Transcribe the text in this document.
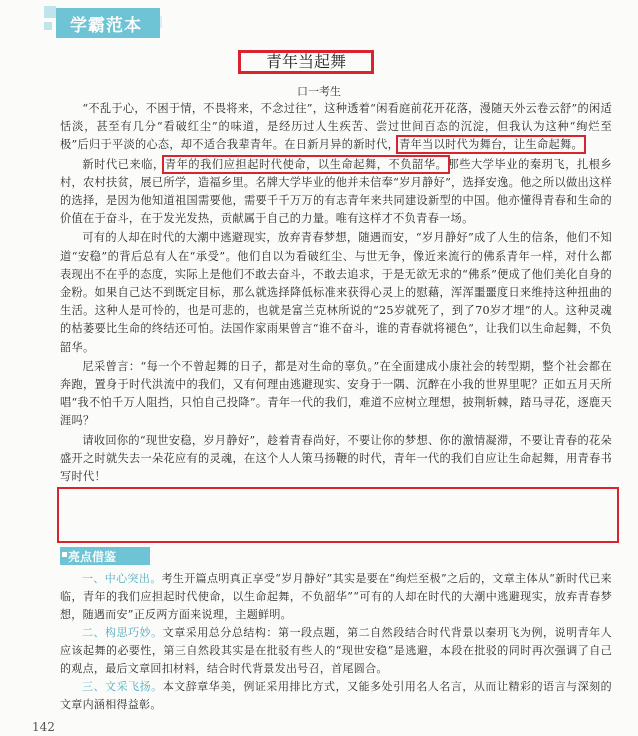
学霸范本
青年当起舞
口一考生

“不乱于心，不困于情，不畏将来，不念过往”，这种透着“闲看庭前花开花落，漫随天外云卷云舒”的闲适恬淡，甚至有几分“看破红尘”的味道，是经历过人生疾苦、尝过世间百态的沉淀，但我认为这种“绚烂至极”后归于平淡的心态，却不适合我辈青年。在日新月异的新时代，青年当以时代为舞台，让生命起舞。

新时代已来临，青年的我们应担起时代使命，以生命起舞，不负韶华。那些大学毕业的秦玥飞，扎根乡村，农村扶贫，展已所学，造福乡里。名牌大学毕业的他并未信奉“岁月静好”，选择安逸。他之所以做出这样的选择，是因为他知道祖国需要他，需要千千万万的有志青年来共同建设新型的中国。他亦懂得青春和生命的价值在于奋斗，在于发光发热，贡献属于自己的力量。唯有这样才不负青春一场。

可有的人却在时代的大潮中逃避现实，放弃青春梦想，随遇而安，“岁月静好”成了人生的信条，他们不知道“安稳”的背后总有人在“承受”。他们自以为看破红尘、与世无争，像近来流行的佛系青年一样，对什么都表现出不在乎的态度，实际上是他们不敢去奋斗，不敢去追求，于是无欲无求的“佛系”便成了他们美化自身的金粉。如果自己达不到既定目标，那么就选择降低标准来获得心灵上的慰藉，浑浑噩噩度日来维持这种扭曲的生活。这种人是可怜的，也是可悲的，也就是富兰克林所说的“25岁就死了，到了70岁才埋”的人。这种灵魂的枯萎要比生命的终结还可怕。法国作家雨果曾言“谁不奋斗，谁的青春就将褪色”，让我们以生命起舞，不负韶华。

尼采曾言：“每一个不曾起舞的日子，都是对生命的辜负。”在全面建成小康社会的转型期，整个社会都在奔跑，置身于时代洪流中的我们，又有何理由逃避现实、安身于一隅、沉醉在小我的世界里呢？正如五月天所唱“我不怕千万人阻挡，只怕自己投降”。青年一代的我们，难道不应树立理想，披荆斩棘，踏马寻花，逐鹿天涯吗？

请收回你的“现世安稳，岁月静好”，趁着青春尚好，不要让你的梦想、你的激情凝滞，不要让青春的花朵盛开之时就失去一朵花应有的灵魂，在这个人人策马扬鞭的时代，青年一代的我们自应让生命起舞，用青春书写时代！

亮点借鉴

一、中心突出。考生开篇点明真正享受“岁月静好”其实是要在“绚烂至极”之后的，文章主体从“新时代已来临，青年的我们应担起时代使命，以生命起舞，不负韶华”“可有的人却在时代的大潮中逃避现实，放弃青春梦想，随遇而安”正反两方面来说理，主题鲜明。

二、构思巧妙。文章采用总分总结构：第一段点题，第二自然段结合时代背景以秦玥飞为例，说明青年人应该起舞的必要性，第三自然段其实是在批驳有些人的“现世安稳”是逃避，本段在批驳的同时再次强调了自己的观点，最后文章回扣材料，结合时代背景发出号召，首尾圆合。

三、文采飞扬。本文辞章华美，例证采用排比方式，又能多处引用名人名言，从而让精彩的语言与深刻的文章内涵相得益彰。

142
